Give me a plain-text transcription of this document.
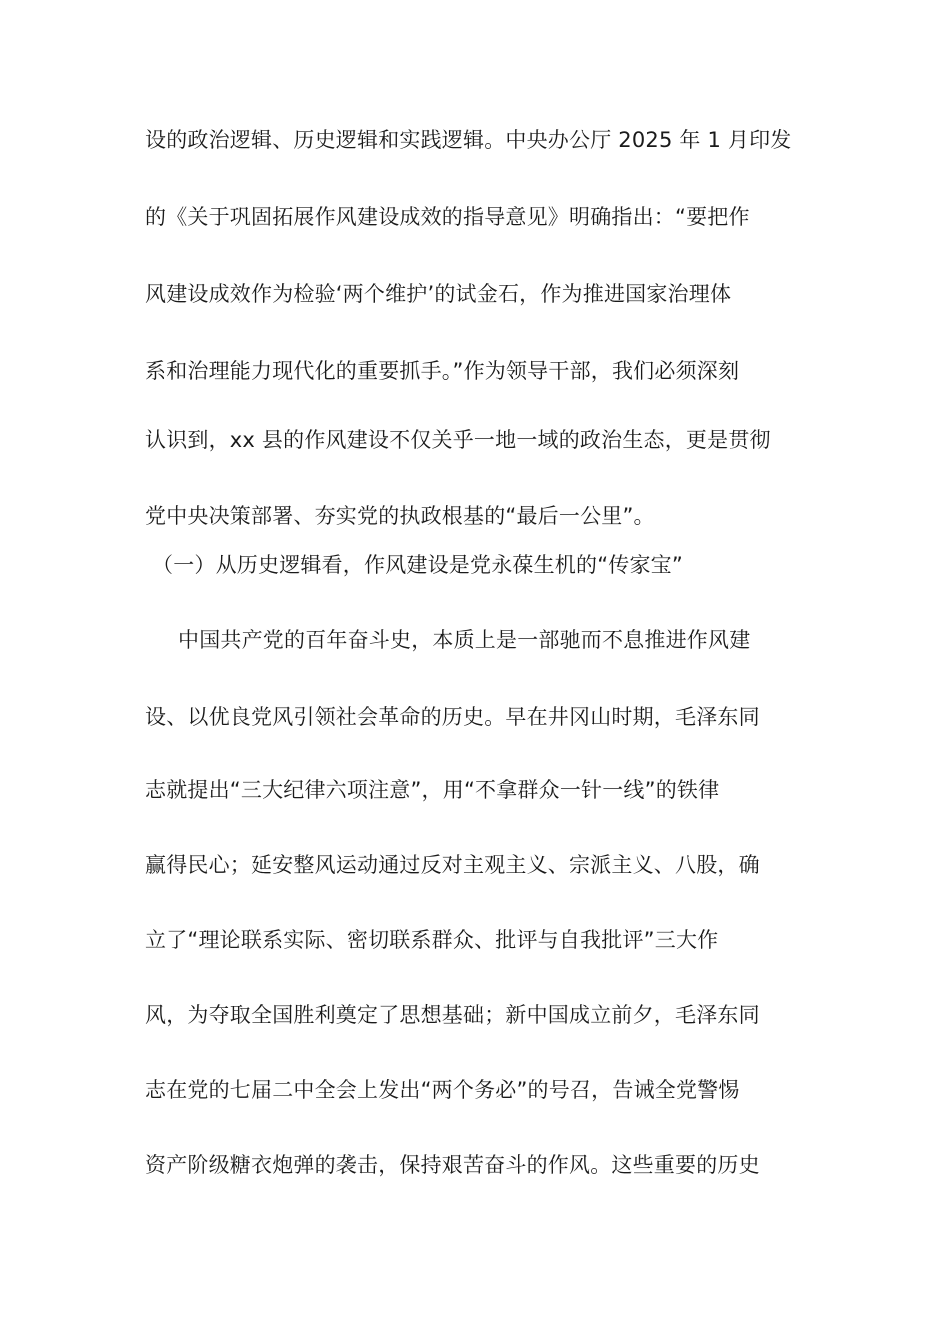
设的政治逻辑、历史逻辑和实践逻辑。中央办公厅 2025 年 1 月印发
的《关于巩固拓展作风建设成效的指导意见》明确指出：“要把作
风建设成效作为检验‘两个维护’的试金石，作为推进国家治理体
系和治理能力现代化的重要抓手。”作为领导干部，我们必须深刻
认识到，xx 县的作风建设不仅关乎一地一域的政治生态，更是贯彻
党中央决策部署、夯实党的执政根基的“最后一公里”。
（一）从历史逻辑看，作风建设是党永葆生机的“传家宝”
中国共产党的百年奋斗史，本质上是一部驰而不息推进作风建
设、以优良党风引领社会革命的历史。早在井冈山时期，毛泽东同
志就提出“三大纪律六项注意”，用“不拿群众一针一线”的铁律
赢得民心；延安整风运动通过反对主观主义、宗派主义、八股，确
立了“理论联系实际、密切联系群众、批评与自我批评”三大作
风，为夺取全国胜利奠定了思想基础；新中国成立前夕，毛泽东同
志在党的七届二中全会上发出“两个务必”的号召，告诫全党警惕
资产阶级糖衣炮弹的袭击，保持艰苦奋斗的作风。这些重要的历史
